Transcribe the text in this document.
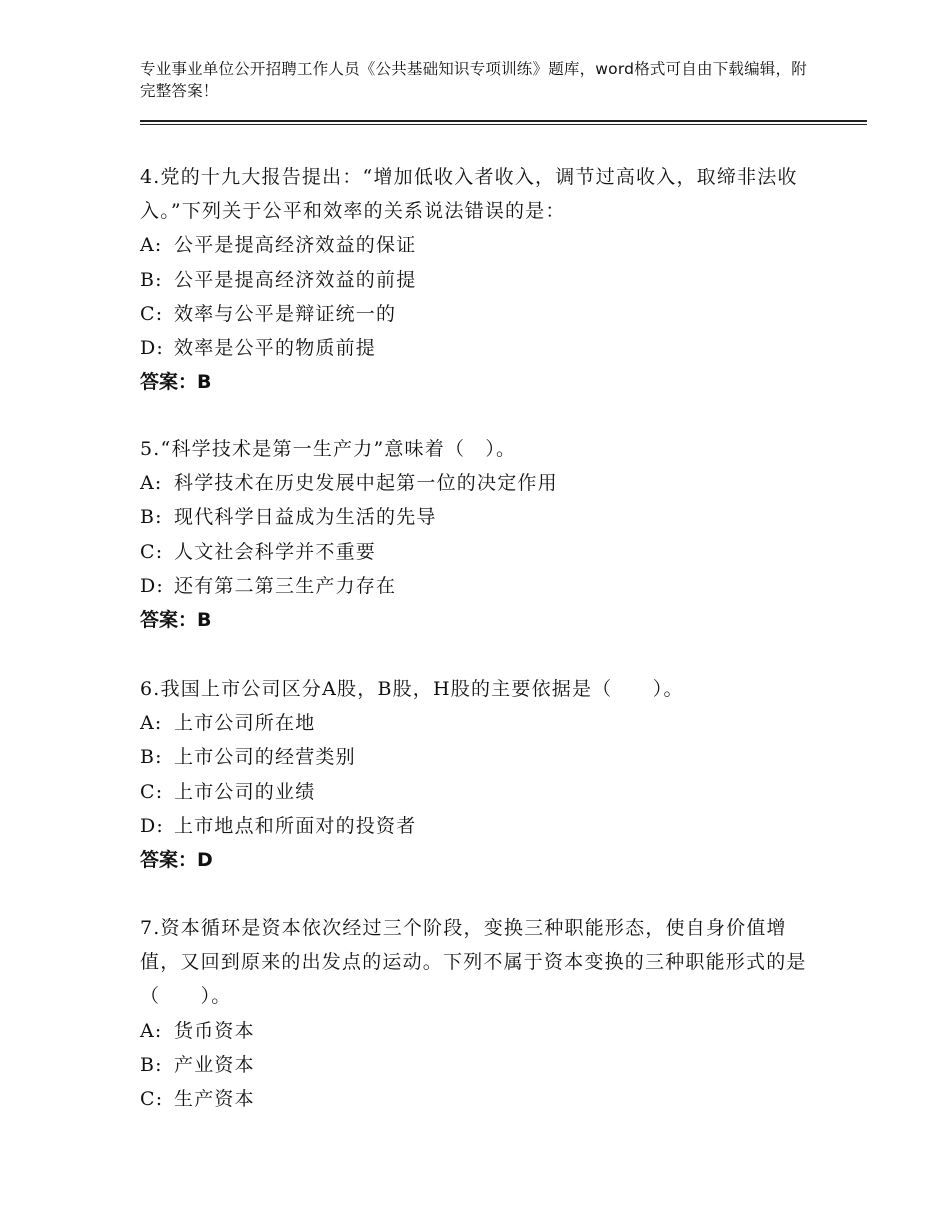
专业事业单位公开招聘工作人员《公共基础知识专项训练》题库，word格式可自由下载编辑，附完整答案！

4.党的十九大报告提出：“增加低收入者收入，调节过高收入，取缔非法收入。”下列关于公平和效率的关系说法错误的是：

A: 公平是提高经济效益的保证

B: 公平是提高经济效益的前提

C: 效率与公平是辩证统一的

D: 效率是公平的物质前提

答案：B

5.“科学技术是第一生产力”意味着（　）。

A: 科学技术在历史发展中起第一位的决定作用

B: 现代科学日益成为生活的先导

C: 人文社会科学并不重要

D: 还有第二第三生产力存在

答案：B

6.我国上市公司区分A股，B股，H股的主要依据是（　　）。

A: 上市公司所在地

B: 上市公司的经营类别

C: 上市公司的业绩

D: 上市地点和所面对的投资者

答案：D

7.资本循环是资本依次经过三个阶段，变换三种职能形态，使自身价值增值，又回到原来的出发点的运动。下列不属于资本变换的三种职能形式的是（　　）。

A: 货币资本

B: 产业资本

C: 生产资本
